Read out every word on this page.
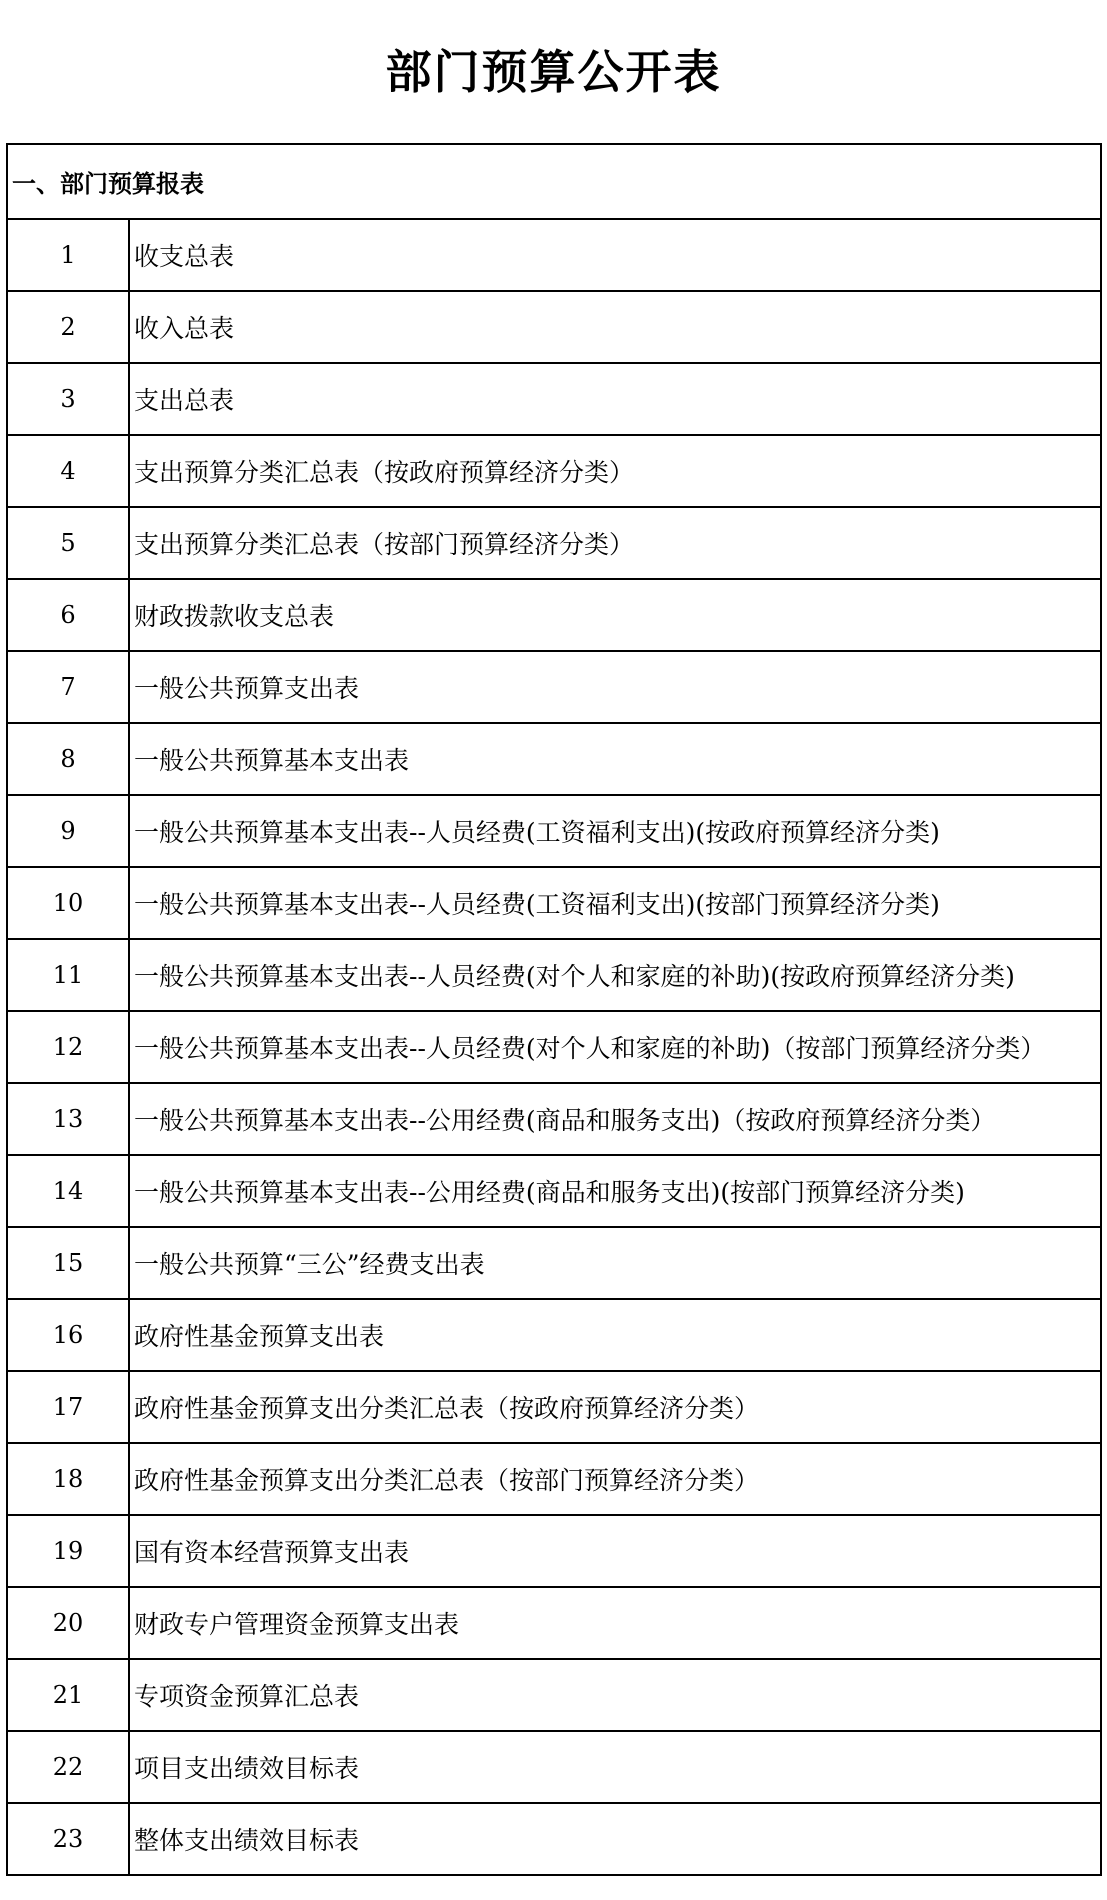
部门预算公开表
一、部门预算报表	
1	收支总表
2	收入总表
3	支出总表
4	支出预算分类汇总表（按政府预算经济分类）
5	支出预算分类汇总表（按部门预算经济分类）
6	财政拨款收支总表
7	一般公共预算支出表
8	一般公共预算基本支出表
9	一般公共预算基本支出表--人员经费(工资福利支出)(按政府预算经济分类)
10	一般公共预算基本支出表--人员经费(工资福利支出)(按部门预算经济分类)
11	一般公共预算基本支出表--人员经费(对个人和家庭的补助)(按政府预算经济分类)
12	一般公共预算基本支出表--人员经费(对个人和家庭的补助)（按部门预算经济分类）
13	一般公共预算基本支出表--公用经费(商品和服务支出)（按政府预算经济分类）
14	一般公共预算基本支出表--公用经费(商品和服务支出)(按部门预算经济分类)
15	一般公共预算“三公”经费支出表
16	政府性基金预算支出表
17	政府性基金预算支出分类汇总表（按政府预算经济分类）
18	政府性基金预算支出分类汇总表（按部门预算经济分类）
19	国有资本经营预算支出表
20	财政专户管理资金预算支出表
21	专项资金预算汇总表
22	项目支出绩效目标表
23	整体支出绩效目标表
